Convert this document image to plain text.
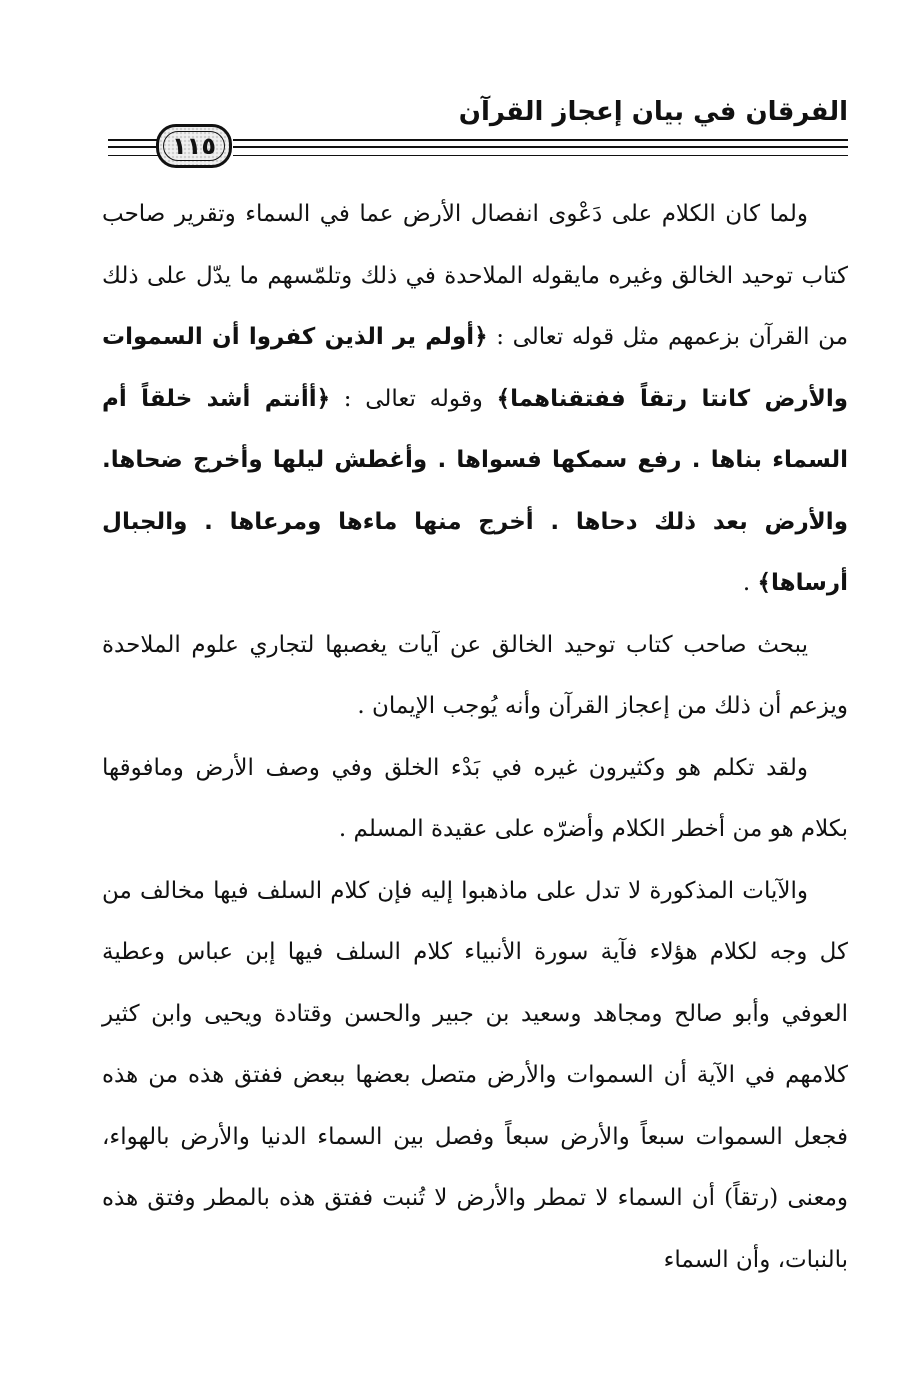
الفرقان في بيان إعجاز القرآن
١١٥

ولما كان الكلام على دَعْوى انفصال الأرض عما في السماء وتقرير صاحب كتاب توحيد الخالق وغيره مايقوله الملاحدة في ذلك وتلمّسهم ما يدّل على ذلك من القرآن بزعمهم مثل قوله تعالى : ﴿أولم ير الذين كفروا أن السموات والأرض كانتا رتقاً ففتقناهما﴾ وقوله تعالى : ﴿أأنتم أشد خلقاً أم السماء بناها . رفع سمكها فسواها . وأغطش ليلها وأخرج ضحاها. والأرض بعد ذلك دحاها . أخرج منها ماءها ومرعاها . والجبال أرساها﴾ .

يبحث صاحب كتاب توحيد الخالق عن آيات يغصبها لتجاري علوم الملاحدة ويزعم أن ذلك من إعجاز القرآن وأنه يُوجب الإيمان .

ولقد تكلم هو وكثيرون غيره في بَدْء الخلق وفي وصف الأرض ومافوقها بكلام هو من أخطر الكلام وأضرّه على عقيدة المسلم .

والآيات المذكورة لا تدل على ماذهبوا إليه فإن كلام السلف فيها مخالف من كل وجه لكلام هؤلاء فآية سورة الأنبياء كلام السلف فيها إبن عباس وعطية العوفي وأبو صالح ومجاهد وسعيد بن جبير والحسن وقتادة ويحيى وابن كثير كلامهم في الآية أن السموات والأرض متصل بعضها ببعض ففتق هذه من هذه فجعل السموات سبعاً والأرض سبعاً وفصل بين السماء الدنيا والأرض بالهواء، ومعنى (رتقاً) أن السماء لا تمطر والأرض لا تُنبت ففتق هذه بالمطر وفتق هذه بالنبات، وأن السماء
